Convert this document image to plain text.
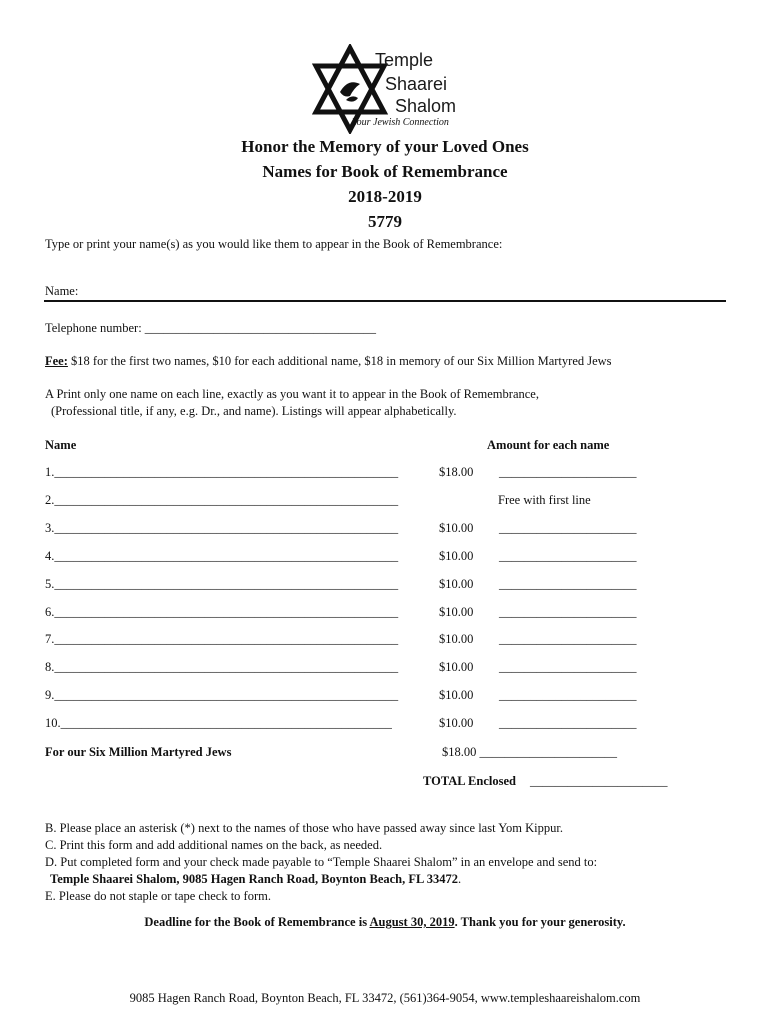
Temple
Shaarei
Shalom
Your Jewish Connection
Honor the Memory of your Loved Ones
Names for Book of Remembrance
2018-2019
5779
Type or print your name(s) as you would like them to appear in the Book of Remembrance:
Name:
Telephone number: _____________________________________
Fee: $18 for the first two names, $10 for each additional name, $18 in memory of our Six Million Martyred Jews
A Print only one name on each line, exactly as you want it to appear in the Book of Remembrance,
(Professional title, if any, e.g. Dr., and name). Listings will appear alphabetically.
Name	Amount for each name
1._______________________________________________________	$18.00 ______________________
2._______________________________________________________	Free with first line
3._______________________________________________________	$10.00 ______________________
4._______________________________________________________	$10.00 ______________________
5._______________________________________________________	$10.00 ______________________
6._______________________________________________________	$10.00 ______________________
7._______________________________________________________	$10.00 ______________________
8._______________________________________________________	$10.00 ______________________
9._______________________________________________________	$10.00 ______________________
10._____________________________________________________	$10.00 ______________________
For our Six Million Martyred Jews	$18.00 ______________________
TOTAL Enclosed ______________________
B. Please place an asterisk (*) next to the names of those who have passed away since last Yom Kippur.
C. Print this form and add additional names on the back, as needed.
D. Put completed form and your check made payable to “Temple Shaarei Shalom” in an envelope and send to:
Temple Shaarei Shalom, 9085 Hagen Ranch Road, Boynton Beach, FL 33472.
E. Please do not staple or tape check to form.
Deadline for the Book of Remembrance is August 30, 2019. Thank you for your generosity.
9085 Hagen Ranch Road, Boynton Beach, FL 33472, (561)364-9054, www.templeshaareishalom.com
